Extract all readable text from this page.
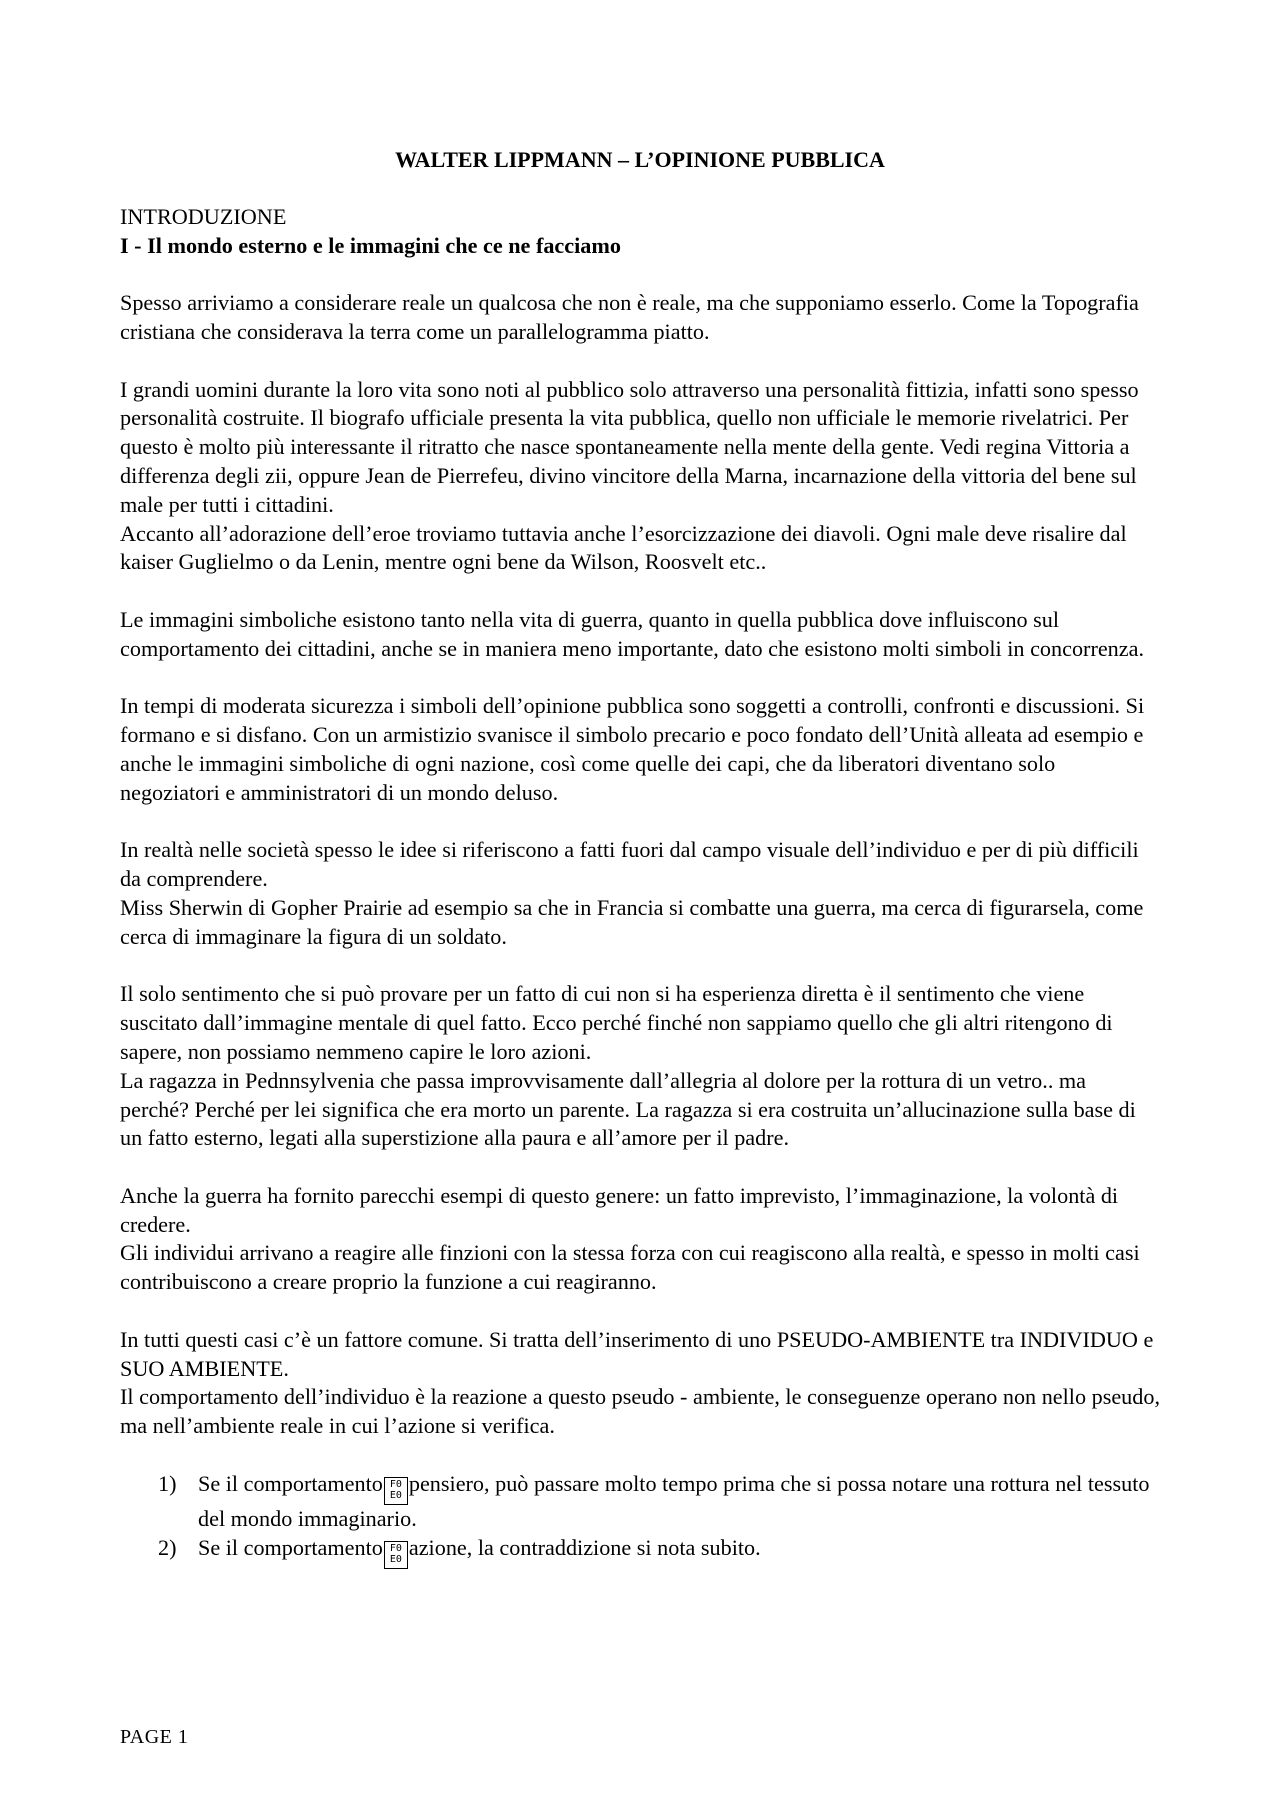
WALTER LIPPMANN – L’OPINIONE PUBBLICA
INTRODUZIONE
I - Il mondo esterno e le immagini che ce ne facciamo

Spesso arriviamo a considerare reale un qualcosa che non è reale, ma che supponiamo esserlo. Come la Topografia cristiana che considerava la terra come un parallelogramma piatto.

I grandi uomini durante la loro vita sono noti al pubblico solo attraverso una personalità fittizia, infatti sono spesso personalità costruite. Il biografo ufficiale presenta la vita pubblica, quello non ufficiale le memorie rivelatrici. Per questo è molto più interessante il ritratto che nasce spontaneamente nella mente della gente. Vedi regina Vittoria a differenza degli zii, oppure Jean de Pierrefeu, divino vincitore della Marna, incarnazione della vittoria del bene sul male per tutti i cittadini.

Accanto all’adorazione dell’eroe troviamo tuttavia anche l’esorcizzazione dei diavoli. Ogni male deve risalire dal kaiser Guglielmo o da Lenin, mentre ogni bene da Wilson, Roosvelt etc..

Le immagini simboliche esistono tanto nella vita di guerra, quanto in quella pubblica dove influiscono sul comportamento dei cittadini, anche se in maniera meno importante, dato che esistono molti simboli in concorrenza.

In tempi di moderata sicurezza i simboli dell’opinione pubblica sono soggetti a controlli, confronti e discussioni. Si formano e si disfano. Con un armistizio svanisce il simbolo precario e poco fondato dell’Unità alleata ad esempio e anche le immagini simboliche di ogni nazione, così come quelle dei capi, che da liberatori diventano solo negoziatori e amministratori di un mondo deluso.

In realtà nelle società spesso le idee si riferiscono a fatti fuori dal campo visuale dell’individuo e per di più difficili da comprendere.

Miss Sherwin di Gopher Prairie ad esempio sa che in Francia si combatte una guerra, ma cerca di figurarsela, come cerca di immaginare la figura di un soldato.

Il solo sentimento che si può provare per un fatto di cui non si ha esperienza diretta è il sentimento che viene suscitato dall’immagine mentale di quel fatto. Ecco perché finché non sappiamo quello che gli altri ritengono di sapere, non possiamo nemmeno capire le loro azioni.

La ragazza in Pednnsylvenia che passa improvvisamente dall’allegria al dolore per la rottura di un vetro.. ma perché? Perché per lei significa che era morto un parente. La ragazza si era costruita un’allucinazione sulla base di un fatto esterno, legati alla superstizione alla paura e all’amore per il padre.

Anche la guerra ha fornito parecchi esempi di questo genere: un fatto imprevisto, l’immaginazione, la volontà di credere.

Gli individui arrivano a reagire alle finzioni con la stessa forza con cui reagiscono alla realtà, e spesso in molti casi contribuiscono a creare proprio la funzione a cui reagiranno.

In tutti questi casi c’è un fattore comune. Si tratta dell’inserimento di uno PSEUDO-AMBIENTE tra INDIVIDUO e SUO AMBIENTE.

Il comportamento dell’individuo è la reazione a questo pseudo - ambiente, le conseguenze operano non nello pseudo, ma nell’ambiente reale in cui l’azione si verifica.

1) Se il comportamento F0
E0 pensiero, può passare molto tempo prima che si possa notare una rottura nel tessuto del mondo immaginario.
2) Se il comportamento F0
E0 azione, la contraddizione si nota subito.
PAGE 1
